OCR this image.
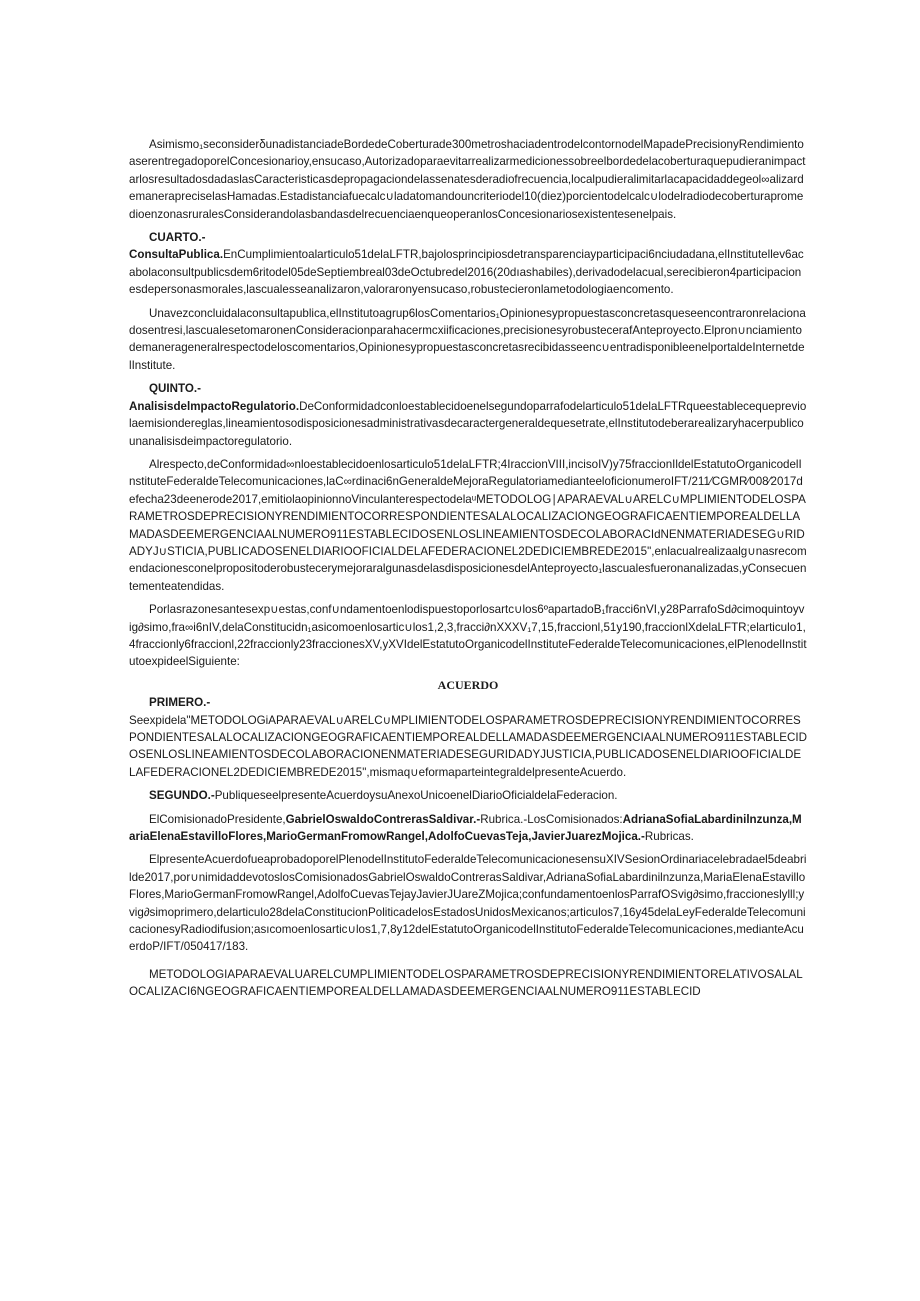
Asimismo₁seconsiderδunadistanciadeBordedeCoberturade300metroshaciadentrodelcontornodelMapadePrecisionyRendimientoaserentregadoporelConcesionarioy,ensucaso,AutorizadoparaevitarrealizarmedicionessobreelbordedelacoberturaquepudieranimpactarlosresultadosdadaslasCaracteristicasdepropagaciondelassenatesderadiofrecuencia,localpudieralimitarlacapacidaddegeol∞alizardemanerapreciselasHamadas.Estadistanciafuecalc∪ladatomandouncriteriodel10(diez)porcientodelcalc∪lodelradiodecoberturapromedioenzonasruralesConsiderandolasbandasdelrecuenciaenqueoperanlosConcesionariosexistentesenelpais.

CUARTO.-

ConsultaPublica.EnCumplimientoalarticulo51delaLFTR,bajolosprincipiosdetransparenciayparticipaci6nciudadana,elInstitutellev6acabolaconsultpublicsdem6ritodel05deSeptiembreal03deOctubredel2016(20dıashabiles),derivadodelacual,serecibieron4participacionesdepersonasmorales,lascualesseanalizaron,valoraronyensucaso,robustecieronlametodologiaencomento.

Unavezconcluidalaconsultapublica,elInstitutoagrup6losComentarios₁Opinionesypropuestasconcretasqueseencontraronrelacionadosentresi,lascualesetomaronenConsideracionparahacermcxiificaciones,precisionesyrobustecerafAnteproyecto.Elpron∪nciamientodemanerageneralrespectodeloscomentarios,Opinionesypropuestasconcretasrecibidasseenc∪entradisponibleenelportaldeInternetdelInstitute.

QUINTO.-

AnalisisdelmpactoRegulatorio.DeConformidadconloestablecidoenelsegundoparrafodelarticulo51delaLFTRqueestablecequepreviolaemisiondereglas,lineamientosodisposicionesadministrativasdecaractergeneraldequesetrate,elInstitutodeberarealizaryhacerpublicounanalisisdeimpactoregulatorio.

Alrespecto,deConformidad∞nloestablecidoenlosarticulo51delaLFTR;4IraccionVIII,incisoIV)y75fraccionIldelEstatutoOrganicodelInstituteFederaldeTelecomunicaciones,laC∞rdinaci6nGeneraldeMejoraRegulatoriamedianteeloficionumeroIFT/211⁄CGMR⁄008⁄2017defecha23deenerode2017,emitiolaopinionnoVinculanterespectodelaᵘMETODOLOG∣APARAEVAL∪ARELC∪MPLIMIENTODELOSPARAMETROSDEPRECISIONYRENDIMIENTOCORRESPONDIENTESALALOCALIZACIONGEOGRAFICAENTIEMPOREALDELLAMADASDEEMERGENCIAALNUMERO911ESTABLECIDOSENLOSLINEAMIENTOSDECOLABORACIdNENMATERIADESEG∪RIDADYJ∪STICIA,PUBLICADOSENELDIARIOOFICIALDELAFEDERACIONEL2DEDICIEMBREDE2015",enlacualrealizaalg∪nasrecomendacionesconelpropositoderobustecerymejoraralgunasdelasdisposicionesdelAnteproyecto₁lascualesfueronanalizadas,yConsecuentementeatendidas.

Porlasrazonesantesexp∪estas,conf∪ndamentoenlodispuestoporlosartc∪los6ºapartadoB₁fracci6nVI,y28ParrafoSd∂cimoquintoyvig∂simo,fra∞i6nIV,delaConstitucidn₁asicomoenlosartic∪los1,2,3,fracci∂nXXXV₁7,15,fraccionl,51y190,fraccionlXdelaLFTR;elarticulo1,4fraccionly6fraccionl,22fraccionly23fraccionesXV,yXVIdelEstatutoOrganicodelInstituteFederaldeTelecomunicaciones,elPlenodelInstitutoexpideelSiguiente:

ACUERDO

PRIMERO.-

Seexpidela"METODOLOGiAPARAEVAL∪ARELC∪MPLIMIENTODELOSPARAMETROSDEPRECISIONYRENDIMIENTOCORRESPONDIENTESALALOCALIZACIONGEOGRAFICAENTIEMPOREALDELLAMADASDEEMERGENCIAALNUMERO911ESTABLECIDOSENLOSLINEAMIENTOSDECOLABORACIONENMATERIADESEGURIDADYJUSTICIA,PUBLICADOSENELDIARIOOFICIALDELAFEDERACIONEL2DEDICIEMBREDE2015",mismaq∪eformaparteintegraldelpresenteAcuerdo.

SEGUNDO.-PubliqueseelpresenteAcuerdoysuAnexoUnicoenelDiarioOficialdelaFederacion.

ElComisionadoPresidente,GabrielOswaldoContrerasSaldivar.-Rubrica.-LosComisionados:AdrianaSofiaLabardinilnzunza,MariaElenaEstavilloFlores,MarioGermanFromowRangel,AdolfoCuevasTeja,JavierJuarezMojica.-Rubricas.

ElpresenteAcuerdofueaprobadoporelPlenodelInstitutoFederaldeTelecomunicacionesensuXIVSesionOrdinariacelebradael5deabrilde2017,por∪nimidaddevotoslosComisionadosGabrielOswaldoContrerasSaldivar,AdrianaSofiaLabardinilnzunza,MariaElenaEstavilloFlores,MarioGermanFromowRangel,AdolfoCuevasTejayJavierJUareZMojica;confundamentoenlosParrafOSvig∂simo,fraccioneslylll;yvig∂simoprimero,delarticulo28delaConstitucionPoliticadelosEstadosUnidosMexicanos;articulos7,16y45delaLeyFederaldeTelecomunicacionesyRadiodifusion;asıcomoenlosartic∪los1,7,8y12delEstatutoOrganicodelInstitutoFederaldeTelecomunicaciones,medianteAcuerdoP/IFT/050417/183.

METODOLOGIAPARAEVALUARELCUMPLIMIENTODELOSPARAMETROSDEPRECISIONYRENDIMIENTORELATIVOSALALOCALIZACI6NGEOGRAFICAENTIEMPOREALDELLAMADASDEEMERGENCIAALNUMERO911ESTABLECID
